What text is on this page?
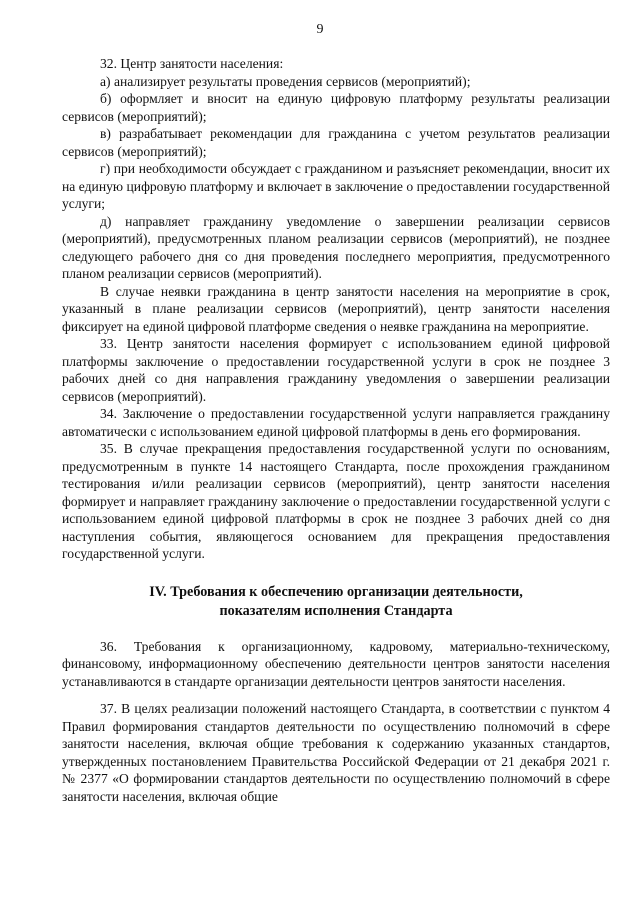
9

32. Центр занятости населения:

а) анализирует результаты проведения сервисов (мероприятий);

б) оформляет и вносит на единую цифровую платформу результаты реализации сервисов (мероприятий);

в) разрабатывает рекомендации для гражданина с учетом результатов реализации сервисов (мероприятий);

г) при необходимости обсуждает с гражданином и разъясняет рекомендации, вносит их на единую цифровую платформу и включает в заключение о предоставлении государственной услуги;

д) направляет гражданину уведомление о завершении реализации сервисов (мероприятий), предусмотренных планом реализации сервисов (мероприятий), не позднее следующего рабочего дня со дня проведения последнего мероприятия, предусмотренного планом реализации сервисов (мероприятий).

В случае неявки гражданина в центр занятости населения на мероприятие в срок, указанный в плане реализации сервисов (мероприятий), центр занятости населения фиксирует на единой цифровой платформе сведения о неявке гражданина на мероприятие.

33. Центр занятости населения формирует с использованием единой цифровой платформы заключение о предоставлении государственной услуги в срок не позднее 3 рабочих дней со дня направления гражданину уведомления о завершении реализации сервисов (мероприятий).

34. Заключение о предоставлении государственной услуги направляется гражданину автоматически с использованием единой цифровой платформы в день его формирования.

35. В случае прекращения предоставления государственной услуги по основаниям, предусмотренным в пункте 14 настоящего Стандарта, после прохождения гражданином тестирования и/или реализации сервисов (мероприятий), центр занятости населения формирует и направляет гражданину заключение о предоставлении государственной услуги с использованием единой цифровой платформы в срок не позднее 3 рабочих дней со дня наступления события, являющегося основанием для прекращения предоставления государственной услуги.

IV. Требования к обеспечению организации деятельности,
показателям исполнения Стандарта

36. Требования к организационному, кадровому, материально-техническому, финансовому, информационному обеспечению деятельности центров занятости населения устанавливаются в стандарте организации деятельности центров занятости населения.

37. В целях реализации положений настоящего Стандарта, в соответствии с пунктом 4 Правил формирования стандартов деятельности по осуществлению полномочий в сфере занятости населения, включая общие требования к содержанию указанных стандартов, утвержденных постановлением Правительства Российской Федерации от 21 декабря 2021 г. № 2377 «О формировании стандартов деятельности по осуществлению полномочий в сфере занятости населения, включая общие
